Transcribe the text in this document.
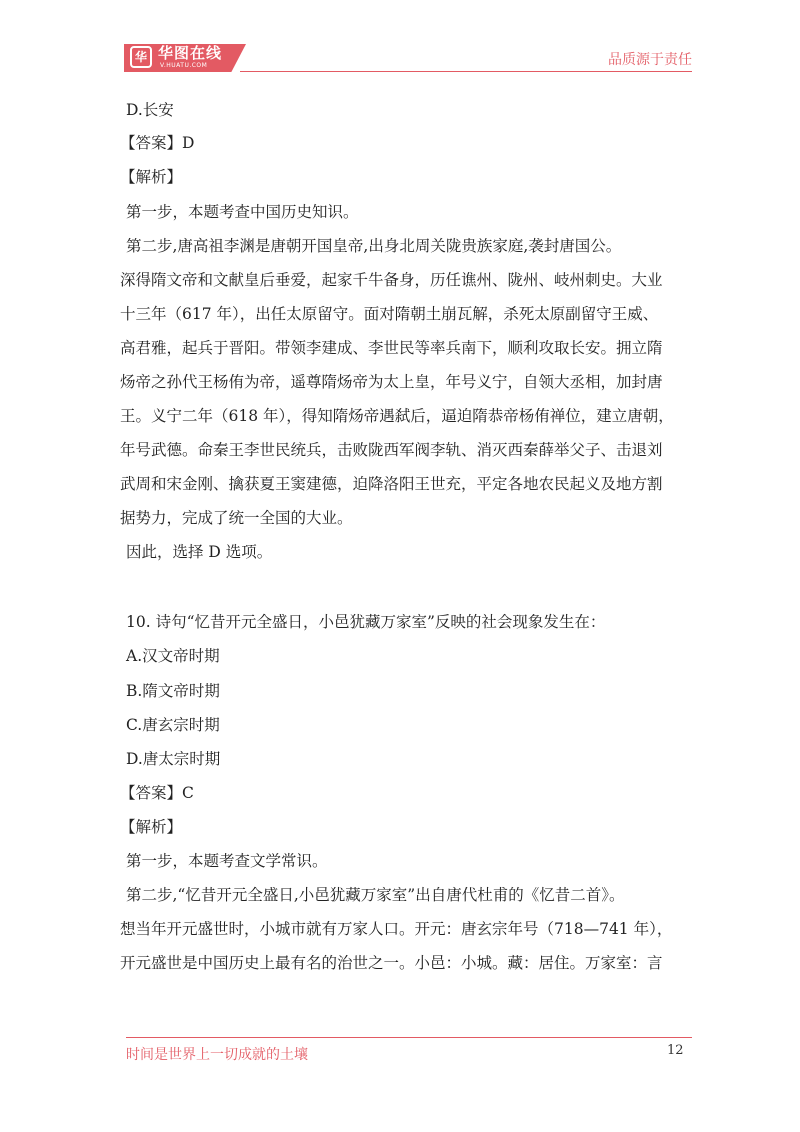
华 华图在线
V.HUATU.COM	品质源于责任
D.长安
【答案】D
【解析】
第一步，本题考查中国历史知识。
第二步,唐高祖李渊是唐朝开国皇帝,出身北周关陇贵族家庭,袭封唐国公。
深得隋文帝和文献皇后垂爱，起家千牛备身，历任谯州、陇州、岐州刺史。大业
十三年（617 年），出任太原留守。面对隋朝土崩瓦解，杀死太原副留守王威、
高君雅，起兵于晋阳。带领李建成、李世民等率兵南下，顺利攻取长安。拥立隋
炀帝之孙代王杨侑为帝，遥尊隋炀帝为太上皇，年号义宁，自领大丞相，加封唐
王。义宁二年（618 年），得知隋炀帝遇弑后，逼迫隋恭帝杨侑禅位，建立唐朝，
年号武德。命秦王李世民统兵，击败陇西军阀李轨、消灭西秦薛举父子、击退刘
武周和宋金刚、擒获夏王窦建德，迫降洛阳王世充，平定各地农民起义及地方割
据势力，完成了统一全国的大业。
因此，选择 D 选项。
10. 诗句“忆昔开元全盛日，小邑犹藏万家室”反映的社会现象发生在：
A.汉文帝时期
B.隋文帝时期
C.唐玄宗时期
D.唐太宗时期
【答案】C
【解析】
第一步，本题考查文学常识。
第二步,“忆昔开元全盛日,小邑犹藏万家室”出自唐代杜甫的《忆昔二首》。
想当年开元盛世时，小城市就有万家人口。开元：唐玄宗年号（718—741 年），
开元盛世是中国历史上最有名的治世之一。小邑：小城。藏：居住。万家室：言
时间是世界上一切成就的土壤	12
